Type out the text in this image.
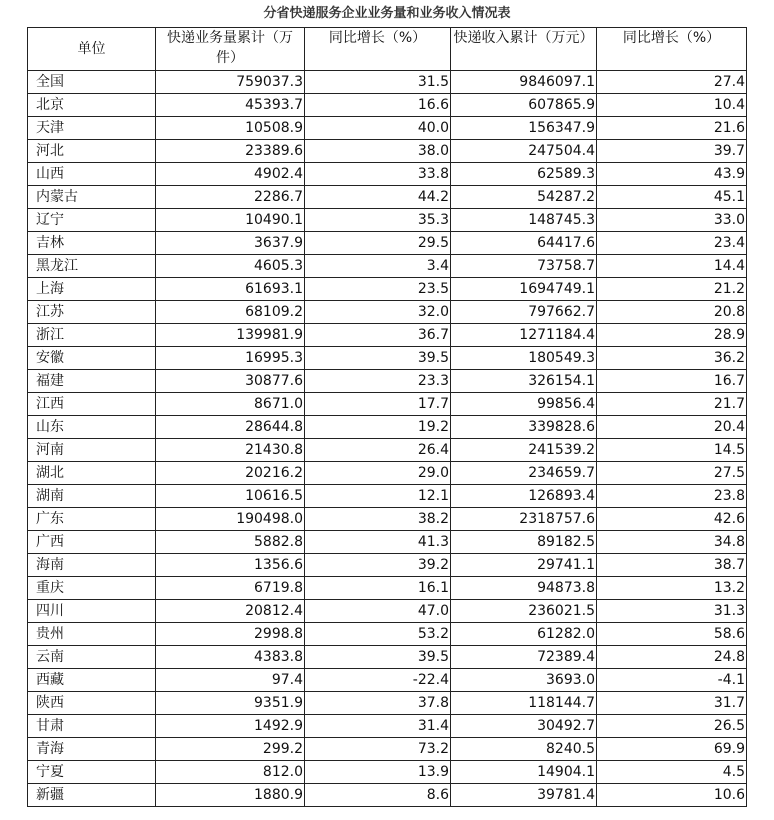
分省快递服务企业业务量和业务收入情况表
单位	快递业务量累计（万件）	同比增长（%）	快递收入累计（万元）	同比增长（%）
全国	759037.3	31.5	9846097.1	27.4
北京	45393.7	16.6	607865.9	10.4
天津	10508.9	40.0	156347.9	21.6
河北	23389.6	38.0	247504.4	39.7
山西	4902.4	33.8	62589.3	43.9
内蒙古	2286.7	44.2	54287.2	45.1
辽宁	10490.1	35.3	148745.3	33.0
吉林	3637.9	29.5	64417.6	23.4
黑龙江	4605.3	3.4	73758.7	14.4
上海	61693.1	23.5	1694749.1	21.2
江苏	68109.2	32.0	797662.7	20.8
浙江	139981.9	36.7	1271184.4	28.9
安徽	16995.3	39.5	180549.3	36.2
福建	30877.6	23.3	326154.1	16.7
江西	8671.0	17.7	99856.4	21.7
山东	28644.8	19.2	339828.6	20.4
河南	21430.8	26.4	241539.2	14.5
湖北	20216.2	29.0	234659.7	27.5
湖南	10616.5	12.1	126893.4	23.8
广东	190498.0	38.2	2318757.6	42.6
广西	5882.8	41.3	89182.5	34.8
海南	1356.6	39.2	29741.1	38.7
重庆	6719.8	16.1	94873.8	13.2
四川	20812.4	47.0	236021.5	31.3
贵州	2998.8	53.2	61282.0	58.6
云南	4383.8	39.5	72389.4	24.8
西藏	97.4	-22.4	3693.0	-4.1
陕西	9351.9	37.8	118144.7	31.7
甘肃	1492.9	31.4	30492.7	26.5
青海	299.2	73.2	8240.5	69.9
宁夏	812.0	13.9	14904.1	4.5
新疆	1880.9	8.6	39781.4	10.6
